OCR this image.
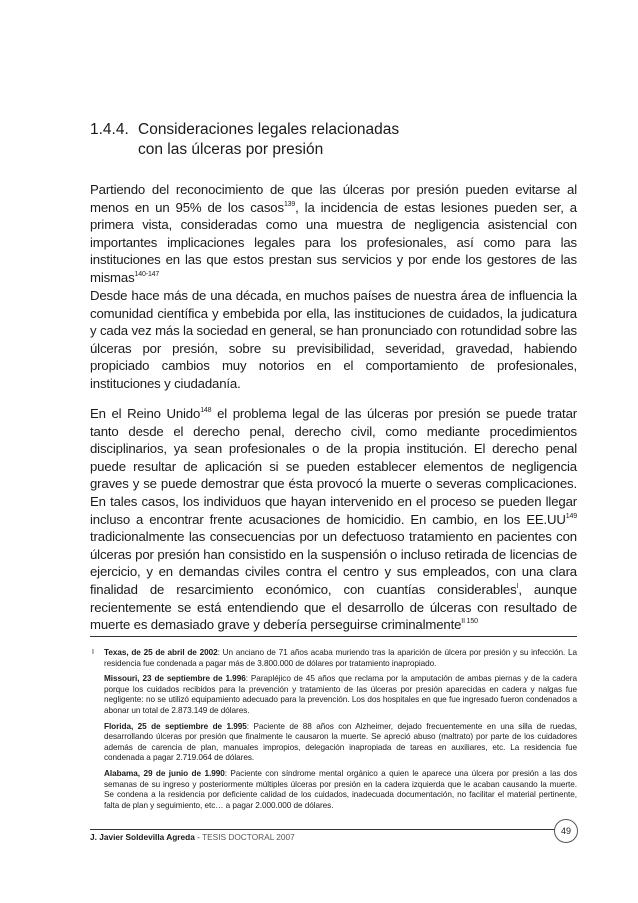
1.4.4. Consideraciones legales relacionadas
con las úlceras por presión

Partiendo del reconocimiento de que las úlceras por presión pueden evitarse al menos en un 95% de los casos$^{139}$, la incidencia de estas lesiones pueden ser, a primera vista, consideradas como una muestra de negligencia asistencial con importantes implicaciones legales para los profesionales, así como para las instituciones en las que estos prestan sus servicios y por ende los gestores de las mismas$^{140-147}$

Desde hace más de una década, en muchos países de nuestra área de influencia la comunidad científica y embebida por ella, las instituciones de cuidados, la judicatura y cada vez más la sociedad en general, se han pronunciado con rotundidad sobre las úlceras por presión, sobre su previsibilidad, severidad, gravedad, habiendo propiciado cambios muy notorios en el comportamiento de profesionales, instituciones y ciudadanía.

En el Reino Unido$^{148}$ el problema legal de las úlceras por presión se puede tratar tanto desde el derecho penal, derecho civil, como mediante procedimientos disciplinarios, ya sean profesionales o de la propia institución. El derecho penal puede resultar de aplicación si se pueden establecer elementos de negligencia graves y se puede demostrar que ésta provocó la muerte o severas complicaciones. En tales casos, los individuos que hayan intervenido en el proceso se pueden llegar incluso a encontrar frente acusaciones de homicidio. En cambio, en los EE.UU$^{149}$ tradicionalmente las consecuencias por un defectuoso tratamiento en pacientes con úlceras por presión han consistido en la suspensión o incluso retirada de licencias de ejercicio, y en demandas civiles contra el centro y sus empleados, con una clara finalidad de resarcimiento económico, con cuantías considerables$^I$, aunque recientemente se está entendiendo que el desarrollo de úlceras con resultado de muerte es demasiado grave y debería perseguirse criminalmente$^{II 150}$

I Texas, de 25 de abril de 2002: Un anciano de 71 años acaba muriendo tras la aparición de úlcera por presión y su infección. La residencia fue condenada a pagar más de 3.800.000 de dólares por tratamiento inapropiado.

Missouri, 23 de septiembre de 1.996: Parapléjico de 45 años que reclama por la amputación de ambas piernas y de la cadera porque los cuidados recibidos para la prevención y tratamiento de las úlceras por presión aparecidas en cadera y nalgas fue negligente: no se utilizó equipamiento adecuado para la prevención. Los dos hospitales en que fue ingresado fueron condenados a abonar un total de 2.873.149 de dólares.

Florida, 25 de septiembre de 1.995: Paciente de 88 años con Alzheimer, dejado frecuentemente en una silla de ruedas, desarrollando úlceras por presión que finalmente le causaron la muerte. Se apreció abuso (maltrato) por parte de los cuidadores además de carencia de plan, manuales impropios, delegación inapropiada de tareas en auxiliares, etc. La residencia fue condenada a pagar 2.719.064 de dólares.

Alabama, 29 de junio de 1.990: Paciente con síndrome mental orgánico a quien le aparece una úlcera por presión a las dos semanas de su ingreso y posteriormente múltiples úlceras por presión en la cadera izquierda que le acaban causando la muerte. Se condena a la residencia por deficiente calidad de los cuidados, inadecuada documentación, no facilitar el material pertinente, falta de plan y seguimiento, etc… a pagar 2.000.000 de dólares.

J. Javier Soldevilla Agreda - TESIS DOCTORAL 2007
49
